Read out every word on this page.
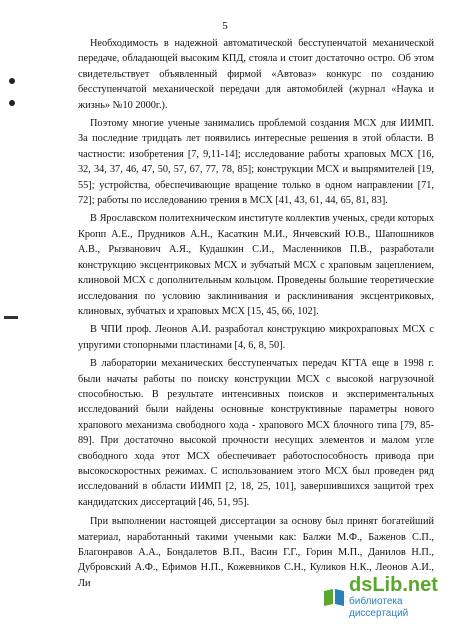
5

Необходимость в надежной автоматической бесступенчатой механической передаче, обладающей высоким КПД, стояла и стоит достаточно остро. Об этом свидетельствует объявленный фирмой «Автоваз» конкурс по созданию бесступенчатой механической передачи для автомобилей (журнал «Наука и жизнь» №10 2000г.).

Поэтому многие ученые занимались проблемой создания МСХ для ИИМП. За последние тридцать лет появились интересные решения в этой области. В частности: изобретения [7, 9,11-14]; исследование работы храповых МСХ [16, 32, 34, 37, 46, 47, 50, 57, 67, 77, 78, 85]; конструкции МСХ и выпрямителей [19, 55]; устройства, обеспечивающие вращение только в одном направлении [71, 72]; работы по исследованию трения в МСХ [41, 43, 61, 44, 65, 81, 83].

В Ярославском политехническом институте коллектив ученых, среди которых Кропп А.Е., Прудников А.Н., Касаткин М.И., Янчевский Ю.В., Шапошников А.В., Рызванович А.Я., Кудашкин С.И., Масленников П.В., разработали конструкцию эксцентриковых МСХ и зубчатый МСХ с храповым зацеплением, клиновой МСХ с дополнительным кольцом. Проведены большие теоретические исследования по условию заклинивания и расклинивания эксцентриковых, клиновых, зубчатых и храповых МСХ [15, 45, 66, 102].

В ЧПИ проф. Леонов А.И. разработал конструкцию микрохраповых МСХ с упругими стопорными пластинами [4, 6, 8, 50].

В лаборатории механических бесступенчатых передач КГТА еще в 1998 г. были начаты работы по поиску конструкции МСХ с высокой нагрузочной способностью. В результате интенсивных поисков и экспериментальных исследований были найдены основные конструктивные параметры нового храпового механизма свободного хода - храпового МСХ блочного типа [79, 85- 89]. При достаточно высокой прочности несущих элементов и малом угле свободного хода этот МСХ обеспечивает работоспособность привода при высокоскоростных режимах. С использованием этого МСХ был проведен ряд исследований в области ИИМП [2, 18, 25, 101], завершившихся защитой трех кандидатских диссертаций [46, 51, 95].

При выполнении настоящей диссертации за основу был принят богатейший материал, наработанный такими учеными как: Балжи М.Ф., Баженов С.П., Благонравов А.А., Бондалетов В.П., Васин Г.Г., Горин М.П., Данилов Н.П., Дубровский А.Ф., Ефимов Н.П., Кожевников С.Н., Куликов Н.К., Леонов А.И., Ли	dsLib.net
библиотека диссертаций
